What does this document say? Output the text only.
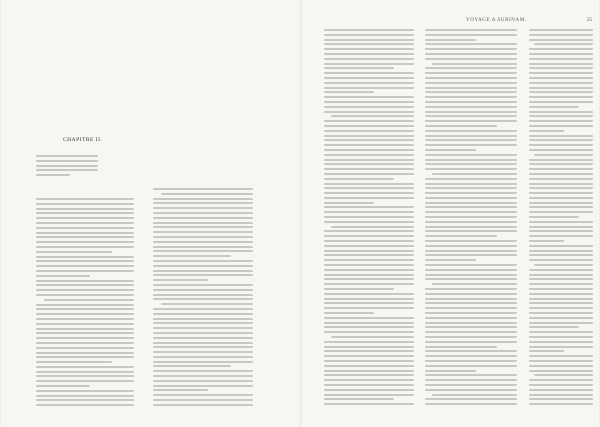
CHAPITRE II.
VOYAGE A SURINAM.	25
